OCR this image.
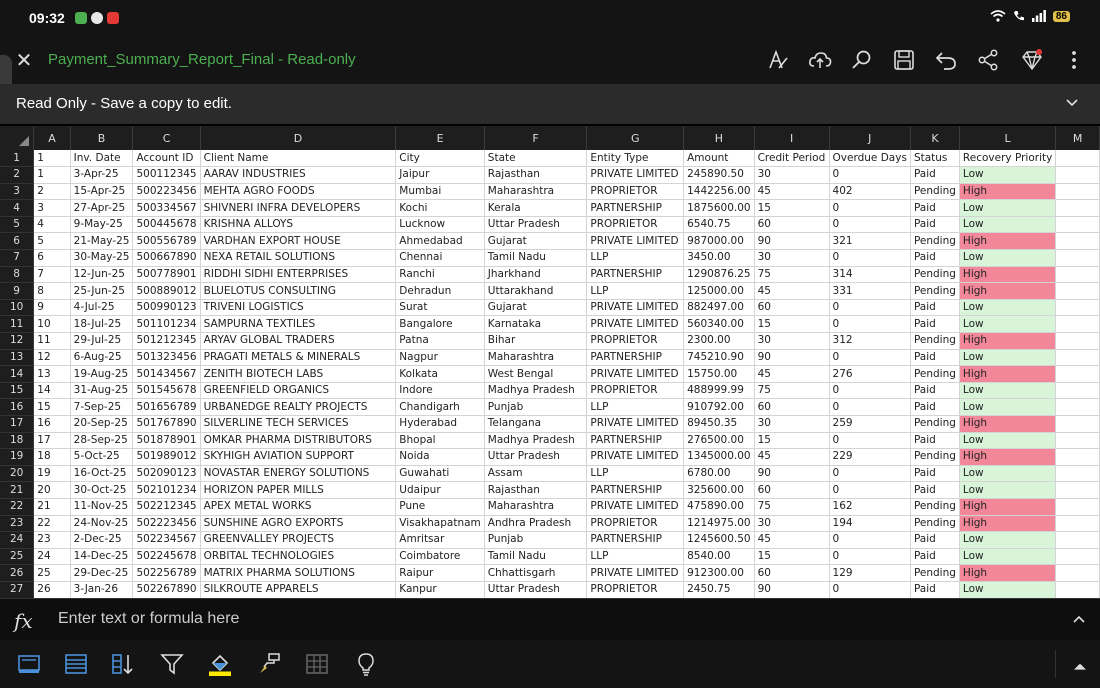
09:32	86
✕ Payment_Summary_Report_Final - Read-only
Read Only - Save a copy to edit.
	A	B	C	D	E	F	G	H	I	J	K	L	M
1	1	Inv. Date	Account ID	Client Name	City	State	Entity Type	Amount	Credit Period	Overdue Days	Status	Recovery Priority	
2	1	3-Apr-25	500112345	AARAV INDUSTRIES	Jaipur	Rajasthan	PRIVATE LIMITED	245890.50	30	0	Paid	Low	
3	2	15-Apr-25	500223456	MEHTA AGRO FOODS	Mumbai	Maharashtra	PROPRIETOR	1442256.00	45	402	Pending	High	
4	3	27-Apr-25	500334567	SHIVNERI INFRA DEVELOPERS	Kochi	Kerala	PARTNERSHIP	1875600.00	15	0	Paid	Low	
5	4	9-May-25	500445678	KRISHNA ALLOYS	Lucknow	Uttar Pradesh	PROPRIETOR	6540.75	60	0	Paid	Low	
6	5	21-May-25	500556789	VARDHAN EXPORT HOUSE	Ahmedabad	Gujarat	PRIVATE LIMITED	987000.00	90	321	Pending	High	
7	6	30-May-25	500667890	NEXA RETAIL SOLUTIONS	Chennai	Tamil Nadu	LLP	3450.00	30	0	Paid	Low	
8	7	12-Jun-25	500778901	RIDDHI SIDHI ENTERPRISES	Ranchi	Jharkhand	PARTNERSHIP	1290876.25	75	314	Pending	High	
9	8	25-Jun-25	500889012	BLUELOTUS CONSULTING	Dehradun	Uttarakhand	LLP	125000.00	45	331	Pending	High	
10	9	4-Jul-25	500990123	TRIVENI LOGISTICS	Surat	Gujarat	PRIVATE LIMITED	882497.00	60	0	Paid	Low	
11	10	18-Jul-25	501101234	SAMPURNA TEXTILES	Bangalore	Karnataka	PRIVATE LIMITED	560340.00	15	0	Paid	Low	
12	11	29-Jul-25	501212345	ARYAV GLOBAL TRADERS	Patna	Bihar	PROPRIETOR	2300.00	30	312	Pending	High	
13	12	6-Aug-25	501323456	PRAGATI METALS & MINERALS	Nagpur	Maharashtra	PARTNERSHIP	745210.90	90	0	Paid	Low	
14	13	19-Aug-25	501434567	ZENITH BIOTECH LABS	Kolkata	West Bengal	PRIVATE LIMITED	15750.00	45	276	Pending	High	
15	14	31-Aug-25	501545678	GREENFIELD ORGANICS	Indore	Madhya Pradesh	PROPRIETOR	488999.99	75	0	Paid	Low	
16	15	7-Sep-25	501656789	URBANEDGE REALTY PROJECTS	Chandigarh	Punjab	LLP	910792.00	60	0	Paid	Low	
17	16	20-Sep-25	501767890	SILVERLINE TECH SERVICES	Hyderabad	Telangana	PRIVATE LIMITED	89450.35	30	259	Pending	High	
18	17	28-Sep-25	501878901	OMKAR PHARMA DISTRIBUTORS	Bhopal	Madhya Pradesh	PARTNERSHIP	276500.00	15	0	Paid	Low	
19	18	5-Oct-25	501989012	SKYHIGH AVIATION SUPPORT	Noida	Uttar Pradesh	PRIVATE LIMITED	1345000.00	45	229	Pending	High	
20	19	16-Oct-25	502090123	NOVASTAR ENERGY SOLUTIONS	Guwahati	Assam	LLP	6780.00	90	0	Paid	Low	
21	20	30-Oct-25	502101234	HORIZON PAPER MILLS	Udaipur	Rajasthan	PARTNERSHIP	325600.00	60	0	Paid	Low	
22	21	11-Nov-25	502212345	APEX METAL WORKS	Pune	Maharashtra	PRIVATE LIMITED	475890.00	75	162	Pending	High	
23	22	24-Nov-25	502223456	SUNSHINE AGRO EXPORTS	Visakhapatnam	Andhra Pradesh	PROPRIETOR	1214975.00	30	194	Pending	High	
24	23	2-Dec-25	502234567	GREENVALLEY PROJECTS	Amritsar	Punjab	PARTNERSHIP	1245600.50	45	0	Paid	Low	
25	24	14-Dec-25	502245678	ORBITAL TECHNOLOGIES	Coimbatore	Tamil Nadu	LLP	8540.00	15	0	Paid	Low	
26	25	29-Dec-25	502256789	MATRIX PHARMA SOLUTIONS	Raipur	Chhattisgarh	PRIVATE LIMITED	912300.00	60	129	Pending	High	
27	26	3-Jan-26	502267890	SILKROUTE APPARELS	Kanpur	Uttar Pradesh	PROPRIETOR	2450.75	90	0	Paid	Low	
fx Enter text or formula here
